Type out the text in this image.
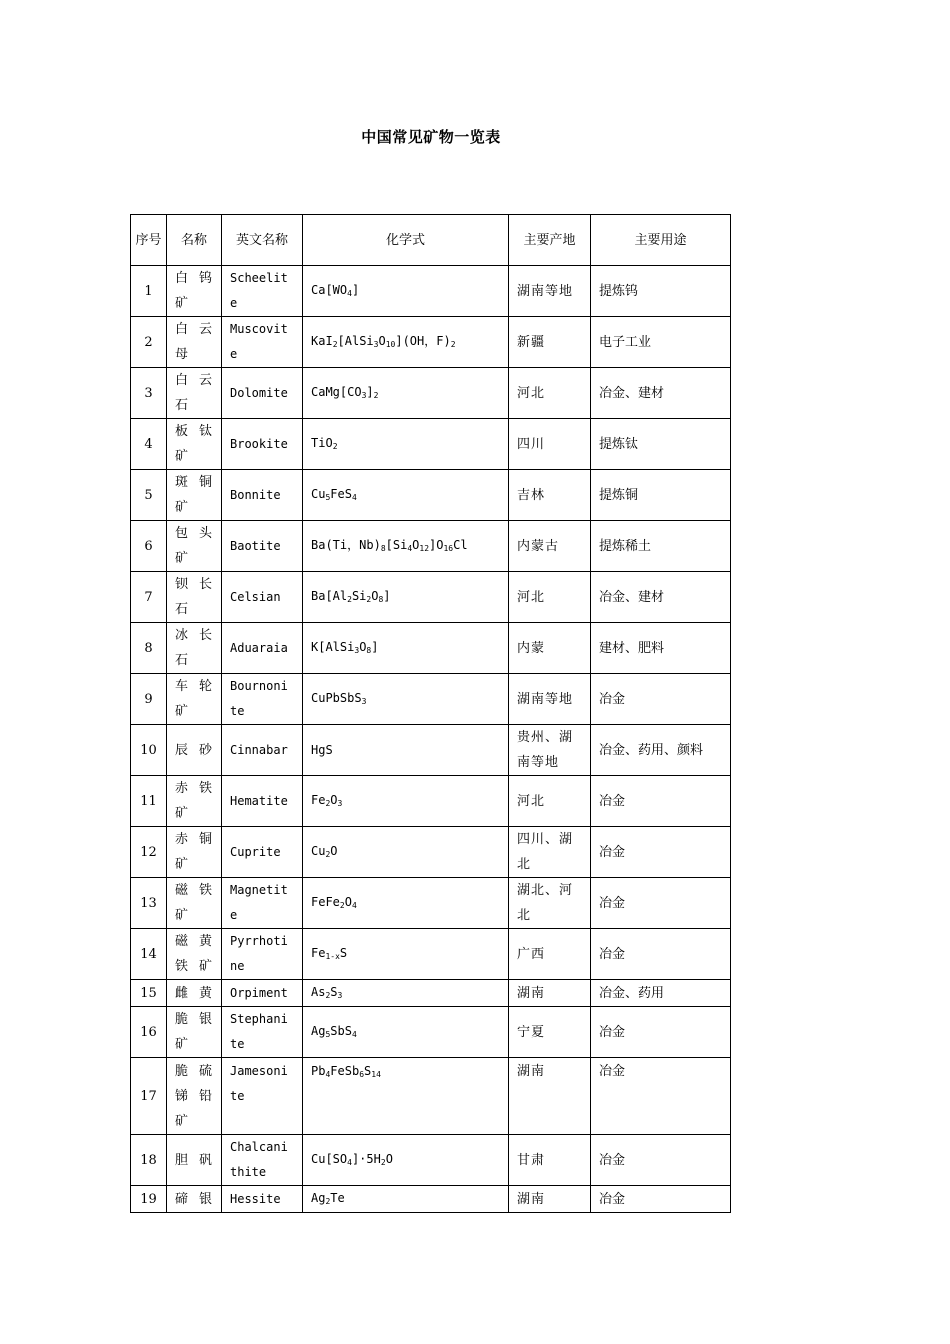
中国常见矿物一览表
序号	名称	英文名称	化学式	主要产地	主要用途
1	白钨矿	Scheelite	$Ca[WO_4]$	湖南等地	提炼钨
2	白云母	Muscovite	$KaI_2[AlSi_3O_{10}](OH$，$F)_2$	新疆	电子工业
3	白云石	Dolomite	$CaMg[CO_3]_2$	河北	冶金、建材
4	板钛矿	Brookite	TiO$_2$	四川	提炼钛
5	斑铜矿	Bonnite	$Cu_5FeS_4$	吉林	提炼铜
6	包头矿	Baotite	Ba(Ti，$Nb)_8[Si_4O_{12}]O_{16}Cl$	内蒙古	提炼稀土
7	钡长石	Celsian	$Ba[Al_2Si_2O_8]$	河北	冶金、建材
8	冰长石	Aduaraia	$K[AlSi_3O_8]$	内蒙	建材、肥料
9	车轮矿	Bournonite	CuPbSbS$_3$	湖南等地	冶金
10	辰砂	Cinnabar	HgS	贵州、湖南等地	冶金、药用、颜料
11	赤铁矿	Hematite	$Fe_2O_3$	河北	冶金
12	赤铜矿	Cuprite	$Cu_2O$	四川、湖北	冶金
13	磁铁矿	Magnetite	$FeFe_2O_4$	湖北、河北	冶金
14	磁黄铁矿	Pyrrhotine	$Fe_{1-x}S$	广西	冶金
15	雌黄	Orpiment	$As_2S_3$	湖南	冶金、药用
16	脆银矿	Stephanite	$Ag_5SbS_4$	宁夏	冶金
17	脆硫锑铅矿	Jamesonite	$Pb_4FeSb_6S_{14}$	湖南	冶金
18	胆矾	Chalcanithite	$Cu[SO_4]\cdot 5H_2O$	甘肃	冶金
19	碲银	Hessite	$Ag_2Te$	湖南	冶金
